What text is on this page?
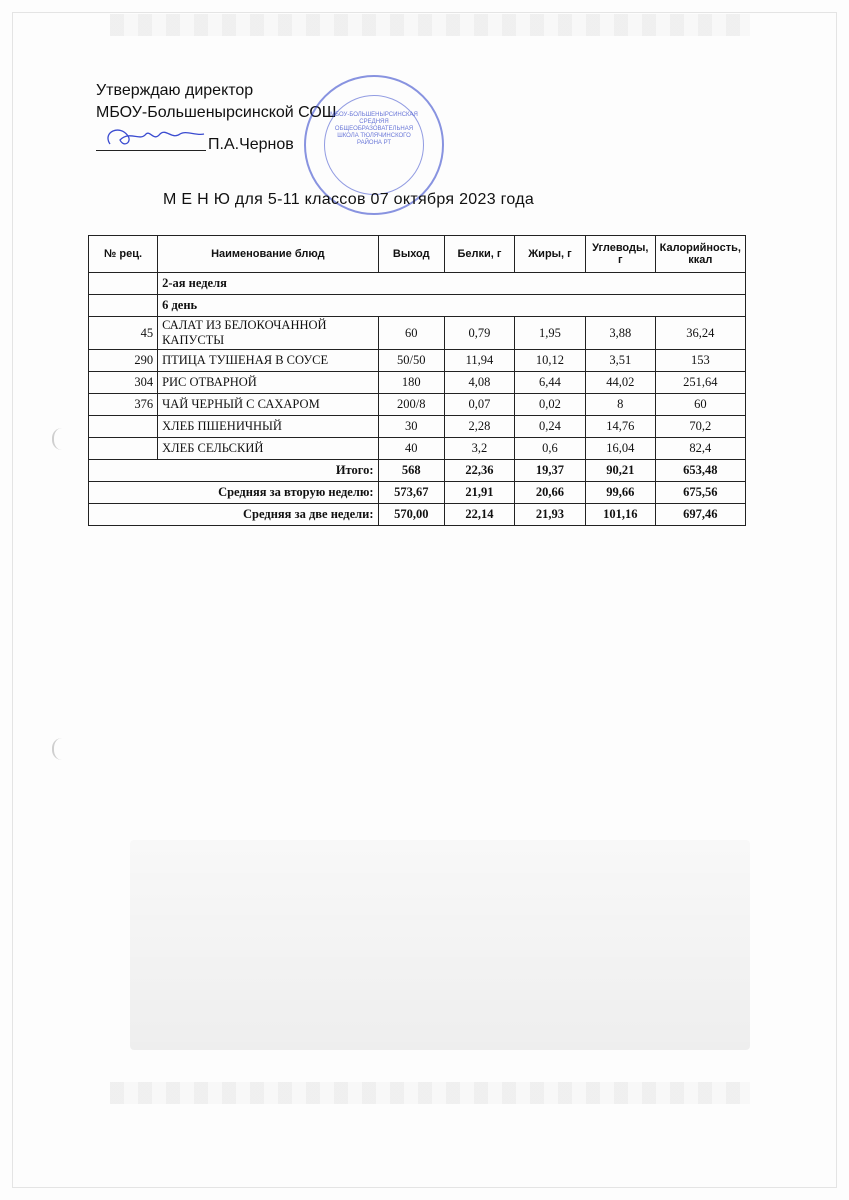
Утверждаю директор
МБОУ-Большенырсинской СОШ
П.А.Чернов
МБОУ-БОЛЬШЕНЫРСИНСКАЯ СРЕДНЯЯ ОБЩЕОБРАЗОВАТЕЛЬНАЯ ШКОЛА ТЮЛЯЧИНСКОГО РАЙОНА РТ
М Е Н Ю для 5-11 классов 07 октября 2023 года
№ рец.	Наименование блюд	Выход	Белки, г	Жиры, г	Углеводы, г	Калорийность, ккал
	2-ая неделя					
	6 день					
45	САЛАТ ИЗ БЕЛОКОЧАННОЙ КАПУСТЫ	60	0,79	1,95	3,88	36,24
290	ПТИЦА ТУШЕНАЯ В СОУСЕ	50/50	11,94	10,12	3,51	153
304	РИС ОТВАРНОЙ	180	4,08	6,44	44,02	251,64
376	ЧАЙ ЧЕРНЫЙ С САХАРОМ	200/8	0,07	0,02	8	60
	ХЛЕБ ПШЕНИЧНЫЙ	30	2,28	0,24	14,76	70,2
	ХЛЕБ СЕЛЬСКИЙ	40	3,2	0,6	16,04	82,4
Итого:		568	22,36	19,37	90,21	653,48
Средняя за вторую неделю:		573,67	21,91	20,66	99,66	675,56
Средняя за две недели:		570,00	22,14	21,93	101,16	697,46
